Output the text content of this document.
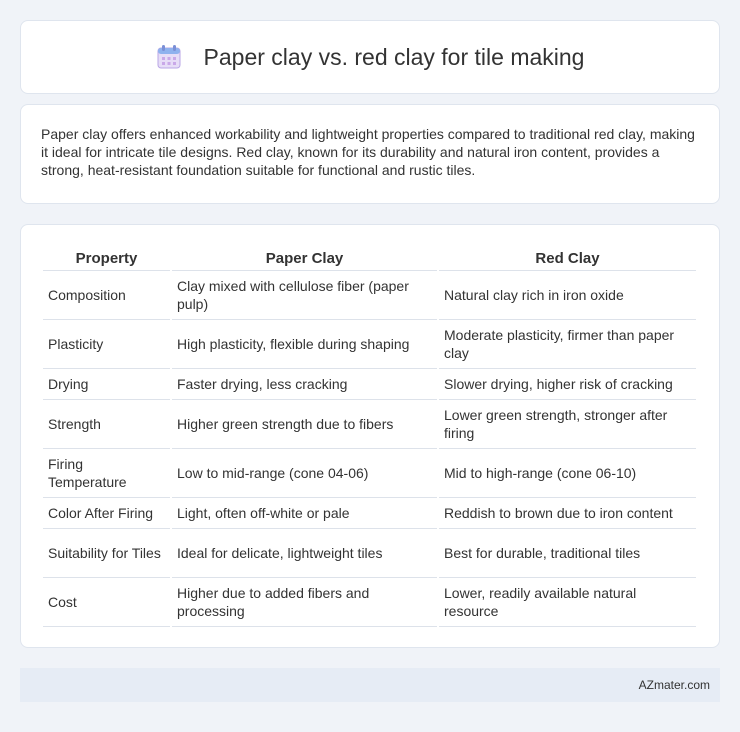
Paper clay vs. red clay for tile making

Paper clay offers enhanced workability and lightweight properties compared to traditional red clay, making it ideal for intricate tile designs. Red clay, known for its durability and natural iron content, provides a strong, heat-resistant foundation suitable for functional and rustic tiles.

Property	Paper Clay	Red Clay
Composition	Clay mixed with cellulose fiber (paper pulp)	Natural clay rich in iron oxide
Plasticity	High plasticity, flexible during shaping	Moderate plasticity, firmer than paper clay
Drying	Faster drying, less cracking	Slower drying, higher risk of cracking
Strength	Higher green strength due to fibers	Lower green strength, stronger after firing
Firing Temperature	Low to mid-range (cone 04-06)	Mid to high-range (cone 06-10)
Color After Firing	Light, often off-white or pale	Reddish to brown due to iron content
Suitability for Tiles	Ideal for delicate, lightweight tiles	Best for durable, traditional tiles
Cost	Higher due to added fibers and processing	Lower, readily available natural resource
AZmater.com
